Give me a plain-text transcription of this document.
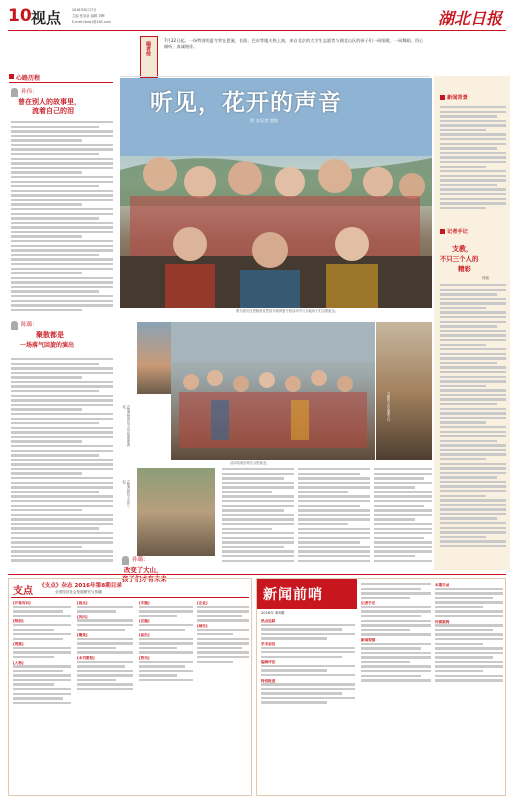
10 视点	2016年8月17日
主编 张皇皇 编辑 刘晖
E-mail:hbrb1@163.com	湖北日报
心路历程
孙伟：
曾在别人的故事里，
流着自己的泪
陈璐：
聚散都是
一场落气回旋的演出
编者按
7月22日起，一场特别的夏令营在恩施、长阳、巴东等地火热上演，来自北京的大学生志愿者与湖北山区的孩子们一同唱歌、一同舞蹈，用心倾听、真诚陪伴。
听见，花开的声音
图 文/记者 徐凯
图为营员在恩施州宣恩县开展的夏令营活动中与当地孩子们合影留念。
志愿者带领孩子们开展集体游戏。
活动结束后师生合影留念。
当地孩子们表演节目。
志愿者和孩子们在一起。
孙璐：
改变了大山，
孩子们才有未来
新闻背景
记者手记
支教，
不只三个人的
精彩
徐凯
支点 《支点》杂志 2016年第8期目录
全省经济社会发展研究与传播
[开卷有识]
[特别]
[观察]
[人物]
[视点]
[风向]
[聚焦]
[本刊策划]
[专题]
[议题]
[前沿]
[资讯]
[企业]
[城市]
新闻前哨
2016年 第8期
热点追踪
学术前沿
编辑评论
特别报道
记者手记
新闻观察
本期目录
传媒案例
